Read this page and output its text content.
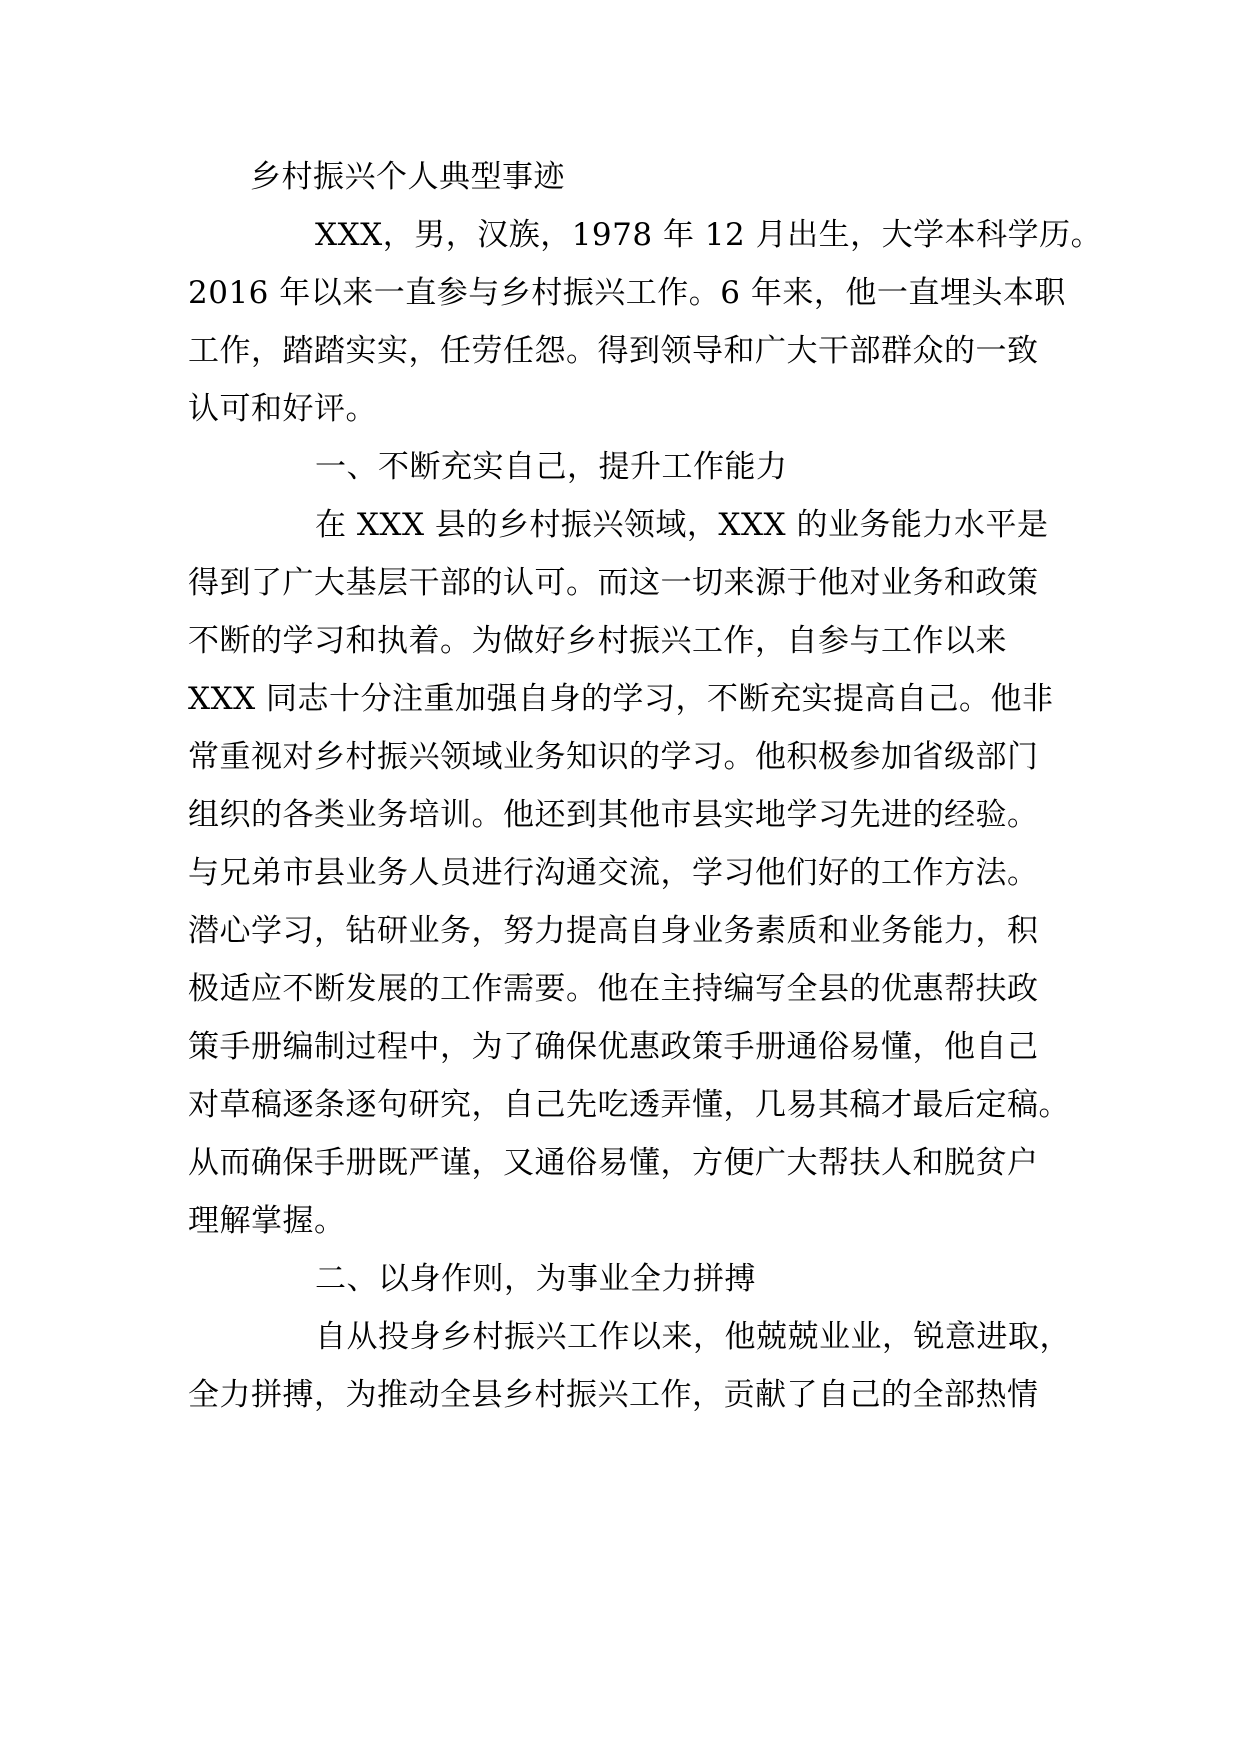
乡村振兴个人典型事迹
XXX，男，汉族，1978 年 12 月出生，大学本科学历。
2016 年以来一直参与乡村振兴工作。6 年来，他一直埋头本职
工作，踏踏实实，任劳任怨。得到领导和广大干部群众的一致
认可和好评。
一、不断充实自己，提升工作能力
在 XXX 县的乡村振兴领域，XXX 的业务能力水平是
得到了广大基层干部的认可。而这一切来源于他对业务和政策
不断的学习和执着。为做好乡村振兴工作，自参与工作以来
XXX 同志十分注重加强自身的学习，不断充实提高自己。他非
常重视对乡村振兴领域业务知识的学习。他积极参加省级部门
组织的各类业务培训。他还到其他市县实地学习先进的经验。
与兄弟市县业务人员进行沟通交流，学习他们好的工作方法。
潜心学习，钻研业务，努力提高自身业务素质和业务能力，积
极适应不断发展的工作需要。他在主持编写全县的优惠帮扶政
策手册编制过程中，为了确保优惠政策手册通俗易懂，他自己
对草稿逐条逐句研究，自己先吃透弄懂，几易其稿才最后定稿。
从而确保手册既严谨，又通俗易懂，方便广大帮扶人和脱贫户
理解掌握。
二、以身作则，为事业全力拼搏
自从投身乡村振兴工作以来，他兢兢业业，锐意进取，
全力拼搏，为推动全县乡村振兴工作，贡献了自己的全部热情
